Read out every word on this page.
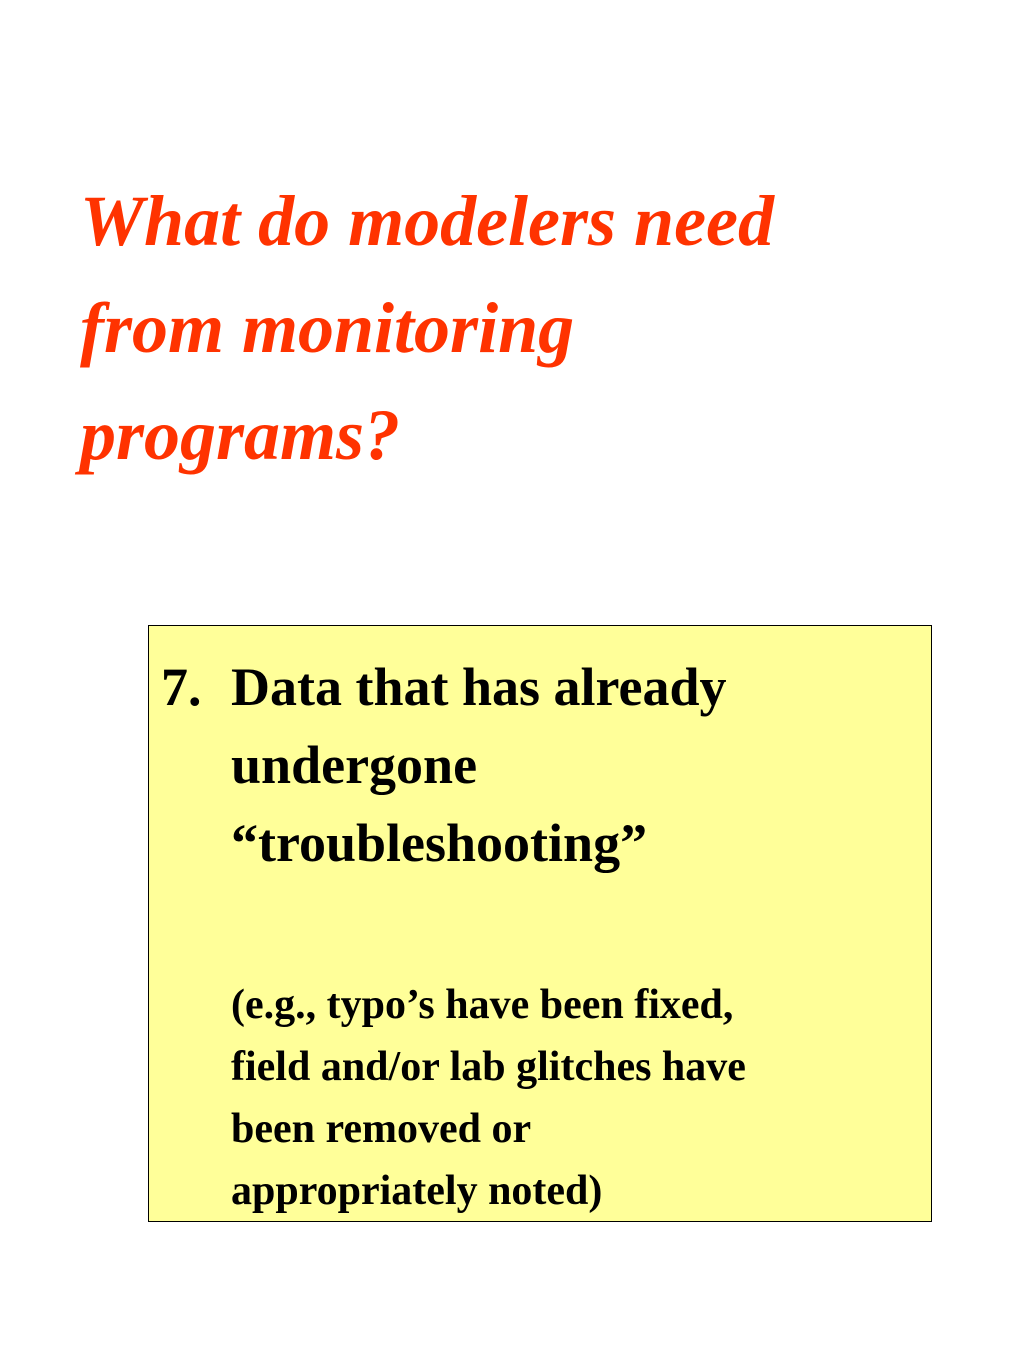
What do modelers need
from monitoring
programs?
7. Data that has already
undergone
“troubleshooting”
(e.g., typo’s have been fixed,
field and/or lab glitches have
been removed or
appropriately noted)
